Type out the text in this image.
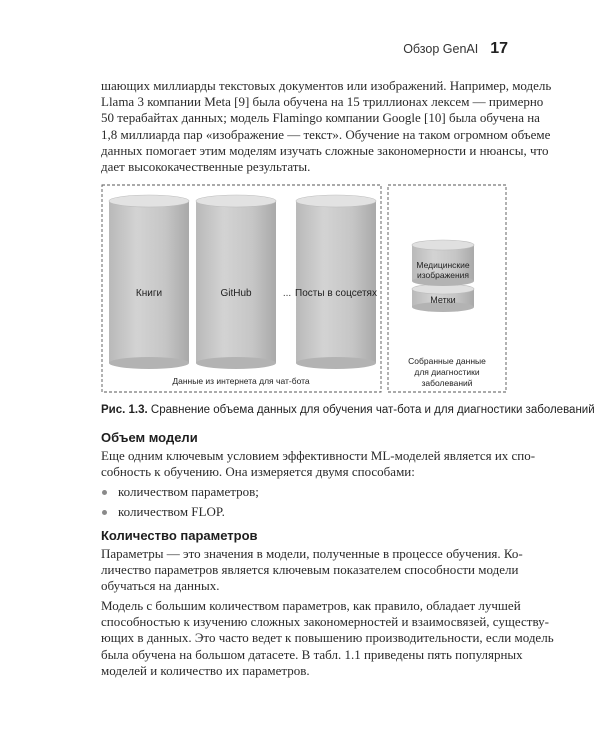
Обзор GenAI 17
шающих миллиарды текстовых документов или изображений. Например, модель
Llama 3 компании Meta [9] была обучена на 15 триллионах лексем — примерно
50 терабайтах данных; модель Flamingo компании Google [10] была обучена на
1,8 миллиарда пар «изображение — текст». Обучение на таком огромном объеме
данных помогает этим моделям изучать сложные закономерности и нюансы, что
дает высококачественные результаты.
Книги	GitHub	... Посты в соцсетях
Данные из интернета для чат-бота
Метки
Медицинские
изображения
Собранные данные
для диагностики
заболеваний

Рис. 1.3. Сравнение объема данных для обучения чат-бота и для диагностики заболеваний

Объем модели
Еще одним ключевым условием эффективности ML-моделей является их спо-
собность к обучению. Она измеряется двумя способами:
количеством параметров;
количеством FLOP.
Количество параметров
Параметры — это значения в модели, полученные в процессе обучения. Ко-
личество параметров является ключевым показателем способности модели
обучаться на данных.
Модель с большим количеством параметров, как правило, обладает лучшей
способностью к изучению сложных закономерностей и взаимосвязей, существу-
ющих в данных. Это часто ведет к повышению производительности, если модель
была обучена на большом датасете. В табл. 1.1 приведены пять популярных
моделей и количество их параметров.
